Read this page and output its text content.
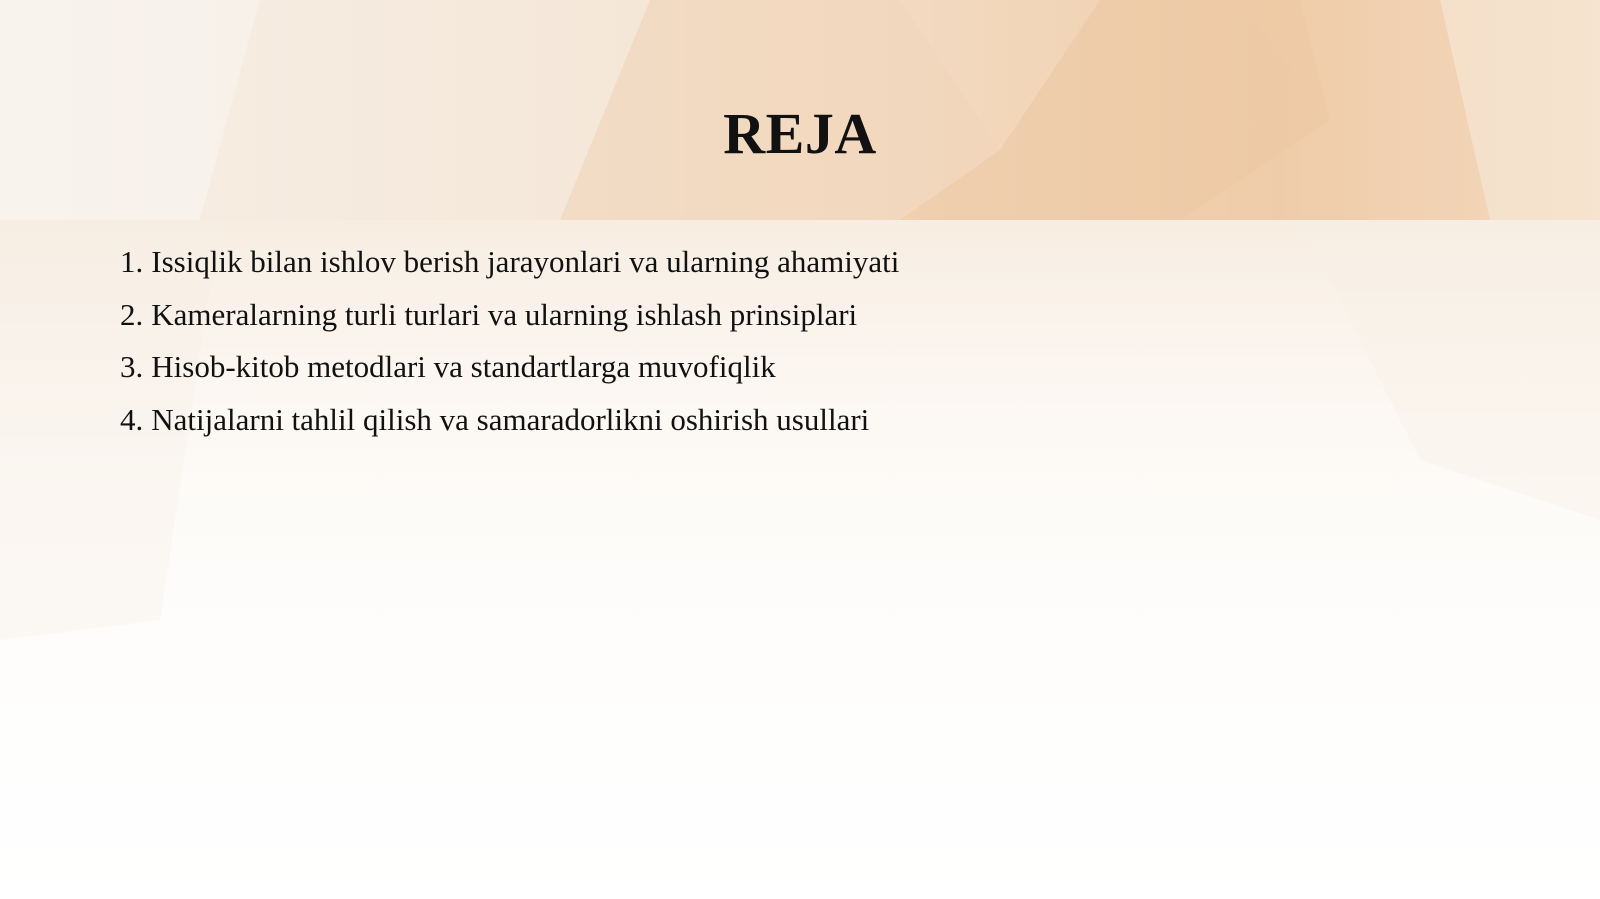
REJA
1. Issiqlik bilan ishlov berish jarayonlari va ularning ahamiyati
2. Kameralarning turli turlari va ularning ishlash prinsiplari
3. Hisob-kitob metodlari va standartlarga muvofiqlik
4. Natijalarni tahlil qilish va samaradorlikni oshirish usullari
